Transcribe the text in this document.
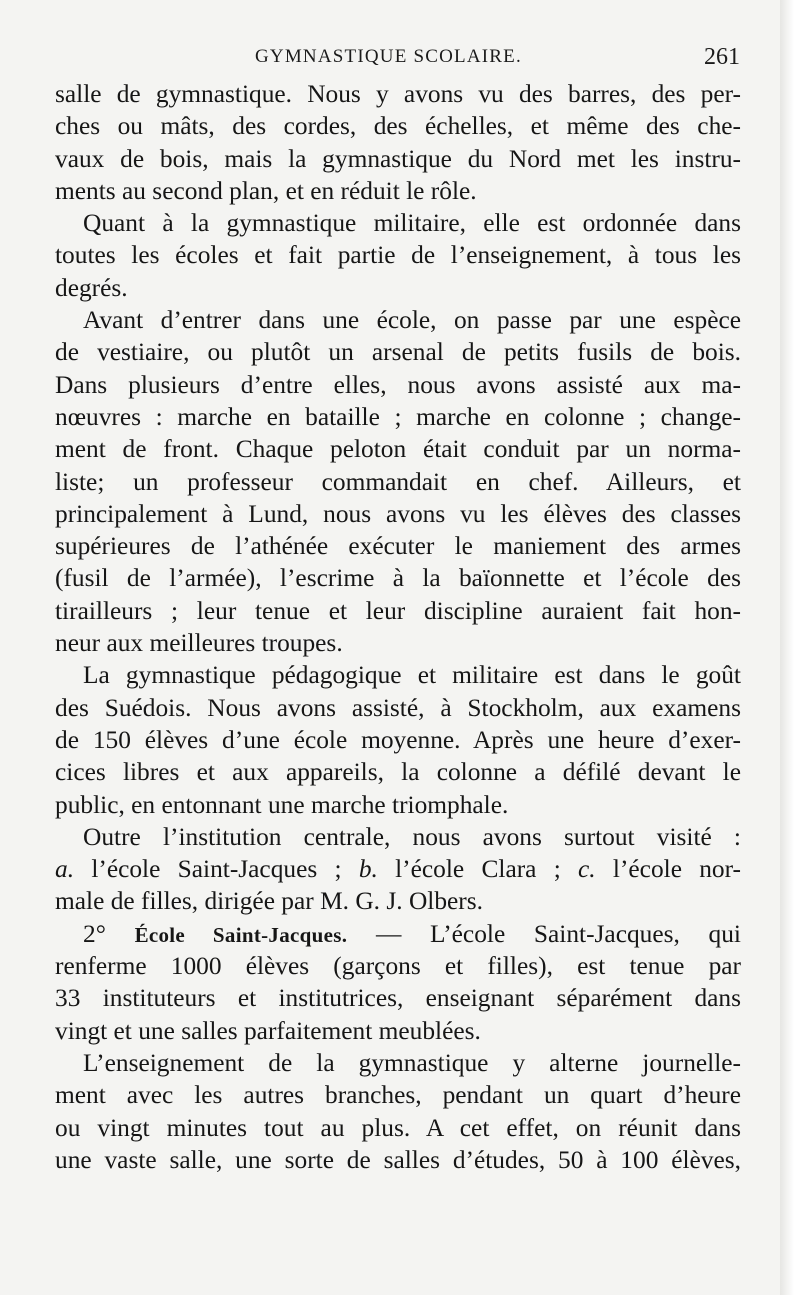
GYMNASTIQUE SCOLAIRE.	261
salle de gymnastique. Nous y avons vu des barres, des per-
ches ou mâts, des cordes, des échelles, et même des che-
vaux de bois, mais la gymnastique du Nord met les instru-
ments au second plan, et en réduit le rôle.
Quant à la gymnastique militaire, elle est ordonnée dans
toutes les écoles et fait partie de l’enseignement, à tous les
degrés.
Avant d’entrer dans une école, on passe par une espèce
de vestiaire, ou plutôt un arsenal de petits fusils de bois.
Dans plusieurs d’entre elles, nous avons assisté aux ma-
nœuvres : marche en bataille ; marche en colonne ; change-
ment de front. Chaque peloton était conduit par un norma-
liste; un professeur commandait en chef. Ailleurs, et
principalement à Lund, nous avons vu les élèves des classes
supérieures de l’athénée exécuter le maniement des armes
(fusil de l’armée), l’escrime à la baïonnette et l’école des
tirailleurs ; leur tenue et leur discipline auraient fait hon-
neur aux meilleures troupes.
La gymnastique pédagogique et militaire est dans le goût
des Suédois. Nous avons assisté, à Stockholm, aux examens
de 150 élèves d’une école moyenne. Après une heure d’exer-
cices libres et aux appareils, la colonne a défilé devant le
public, en entonnant une marche triomphale.
Outre l’institution centrale, nous avons surtout visité :
a. l’école Saint-Jacques ; b. l’école Clara ; c. l’école nor-
male de filles, dirigée par M. G. J. Olbers.
2° École Saint-Jacques. — L’école Saint-Jacques, qui
renferme 1000 élèves (garçons et filles), est tenue par
33 instituteurs et institutrices, enseignant séparément dans
vingt et une salles parfaitement meublées.
L’enseignement de la gymnastique y alterne journelle-
ment avec les autres branches, pendant un quart d’heure
ou vingt minutes tout au plus. A cet effet, on réunit dans
une vaste salle, une sorte de salles d’études, 50 à 100 élèves,
